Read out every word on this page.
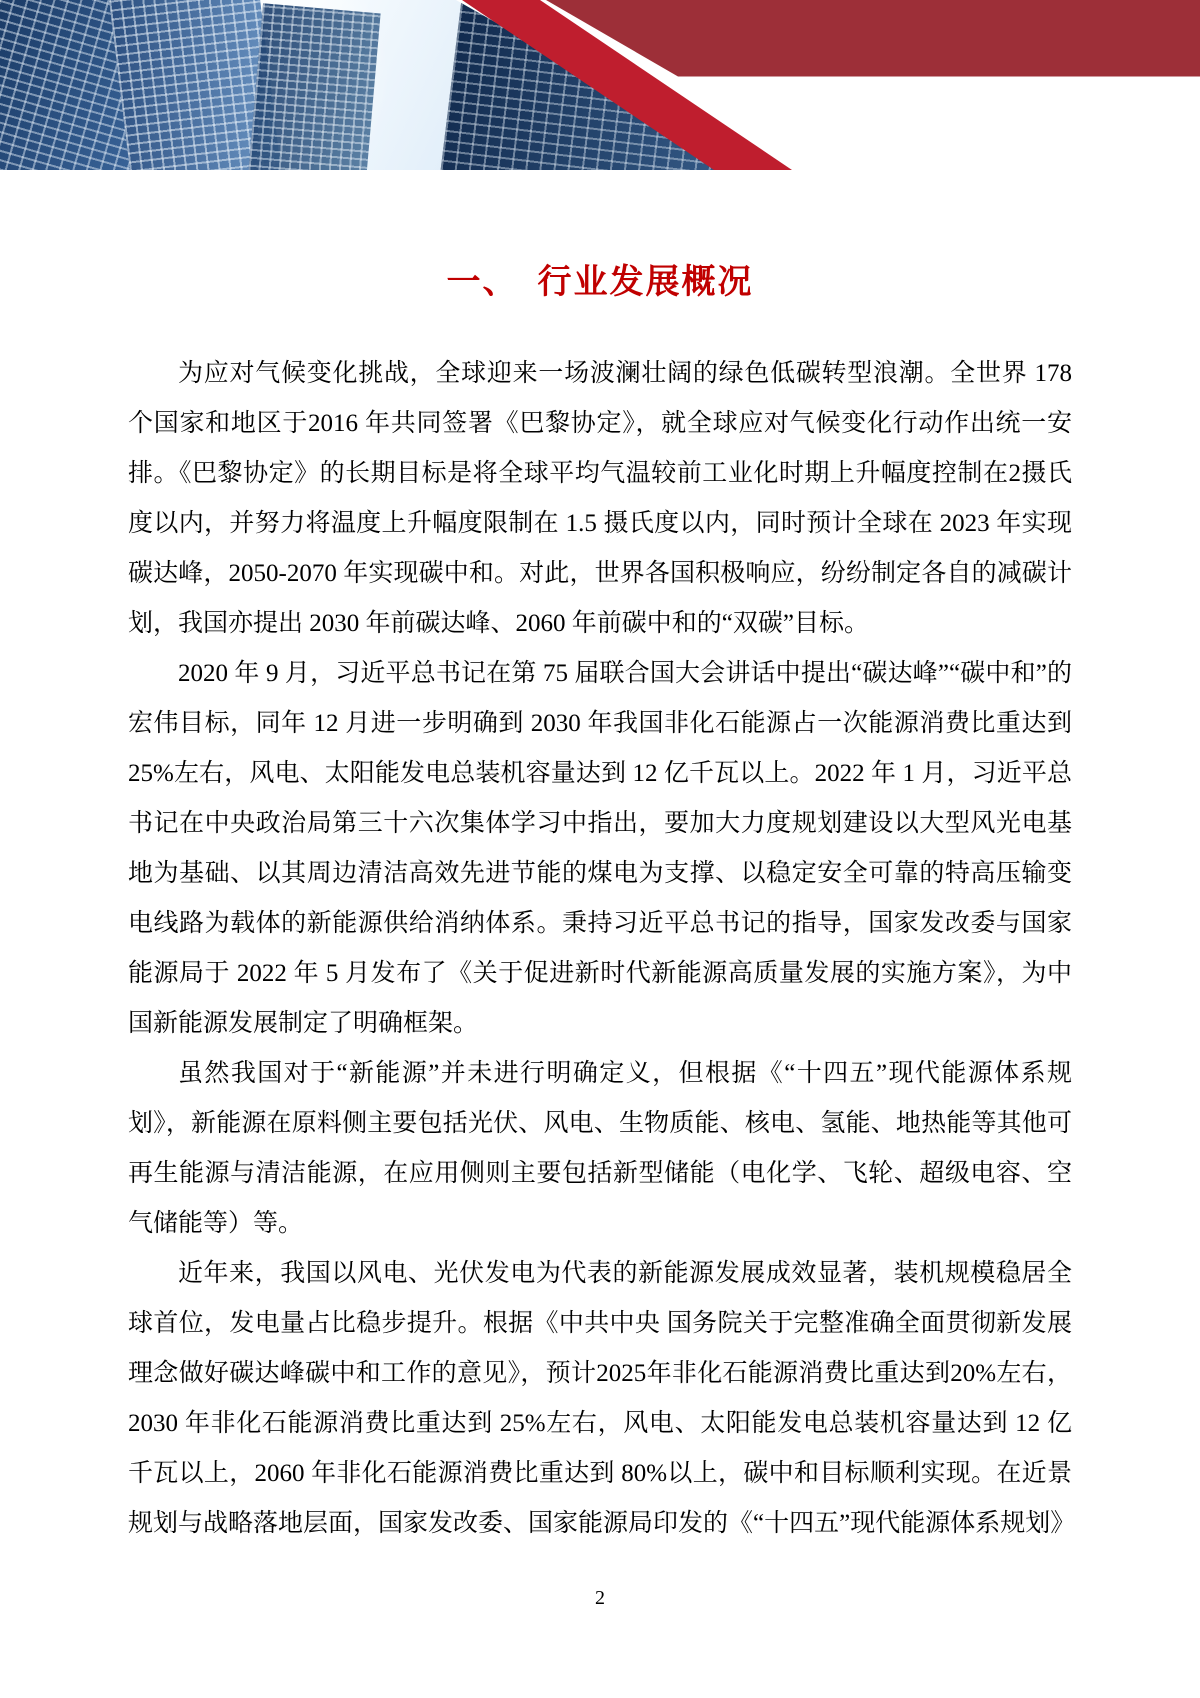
一、　行业发展概况

为应对气候变化挑战，全球迎来一场波澜壮阔的绿色低碳转型浪潮。全世界 178 个国家和地区于2016 年共同签署《巴黎协定》，就全球应对气候变化行动作出统一安排。《巴黎协定》的长期目标是将全球平均气温较前工业化时期上升幅度控制在2摄氏度以内，并努力将温度上升幅度限制在 1.5 摄氏度以内，同时预计全球在 2023 年实现碳达峰，2050-2070 年实现碳中和。对此，世界各国积极响应，纷纷制定各自的减碳计划，我国亦提出 2030 年前碳达峰、2060 年前碳中和的“双碳”目标。

2020 年 9 月，习近平总书记在第 75 届联合国大会讲话中提出“碳达峰”“碳中和”的宏伟目标，同年 12 月进一步明确到 2030 年我国非化石能源占一次能源消费比重达到25%左右，风电、太阳能发电总装机容量达到 12 亿千瓦以上。2022 年 1 月，习近平总书记在中央政治局第三十六次集体学习中指出，要加大力度规划建设以大型风光电基地为基础、以其周边清洁高效先进节能的煤电为支撑、以稳定安全可靠的特高压输变电线路为载体的新能源供给消纳体系。秉持习近平总书记的指导，国家发改委与国家能源局于 2022 年 5 月发布了《关于促进新时代新能源高质量发展的实施方案》，为中国新能源发展制定了明确框架。

虽然我国对于“新能源”并未进行明确定义，但根据《“十四五”现代能源体系规划》，新能源在原料侧主要包括光伏、风电、生物质能、核电、氢能、地热能等其他可再生能源与清洁能源，在应用侧则主要包括新型储能（电化学、飞轮、超级电容、空气储能等）等。

近年来，我国以风电、光伏发电为代表的新能源发展成效显著，装机规模稳居全球首位，发电量占比稳步提升。根据《中共中央 国务院关于完整准确全面贯彻新发展理念做好碳达峰碳中和工作的意见》，预计2025年非化石能源消费比重达到20%左右，2030 年非化石能源消费比重达到 25%左右，风电、太阳能发电总装机容量达到 12 亿千瓦以上，2060 年非化石能源消费比重达到 80%以上，碳中和目标顺利实现。在近景规划与战略落地层面，国家发改委、国家能源局印发的《“十四五”现代能源体系规划》

2
